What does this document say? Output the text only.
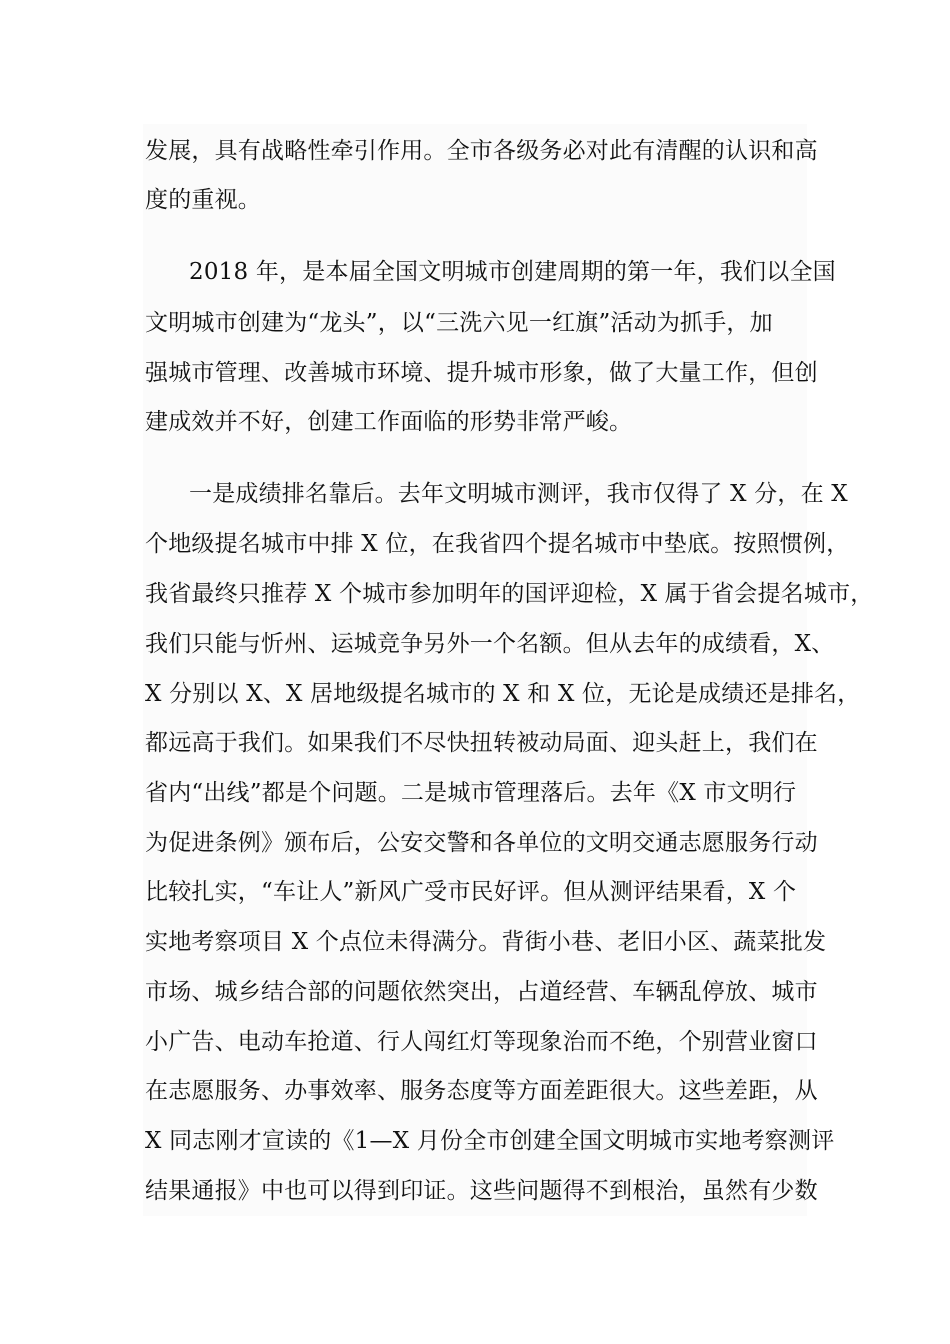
发展，具有战略性牵引作用。全市各级务必对此有清醒的认识和高
度的重视。
2018 年，是本届全国文明城市创建周期的第一年，我们以全国
文明城市创建为“龙头”，以“三洗六见一红旗”活动为抓手，加
强城市管理、改善城市环境、提升城市形象，做了大量工作，但创
建成效并不好，创建工作面临的形势非常严峻。
一是成绩排名靠后。去年文明城市测评，我市仅得了 X 分，在 X
个地级提名城市中排 X 位，在我省四个提名城市中垫底。按照惯例，
我省最终只推荐 X 个城市参加明年的国评迎检，X 属于省会提名城市，
我们只能与忻州、运城竞争另外一个名额。但从去年的成绩看，X、
X 分别以 X、X 居地级提名城市的 X 和 X 位，无论是成绩还是排名，
都远高于我们。如果我们不尽快扭转被动局面、迎头赶上，我们在
省内“出线”都是个问题。二是城市管理落后。去年《X 市文明行
为促进条例》颁布后，公安交警和各单位的文明交通志愿服务行动
比较扎实，“车让人”新风广受市民好评。但从测评结果看，X 个
实地考察项目 X 个点位未得满分。背街小巷、老旧小区、蔬菜批发
市场、城乡结合部的问题依然突出，占道经营、车辆乱停放、城市
小广告、电动车抢道、行人闯红灯等现象治而不绝，个别营业窗口
在志愿服务、办事效率、服务态度等方面差距很大。这些差距，从
X 同志刚才宣读的《1—X 月份全市创建全国文明城市实地考察测评
结果通报》中也可以得到印证。这些问题得不到根治，虽然有少数
